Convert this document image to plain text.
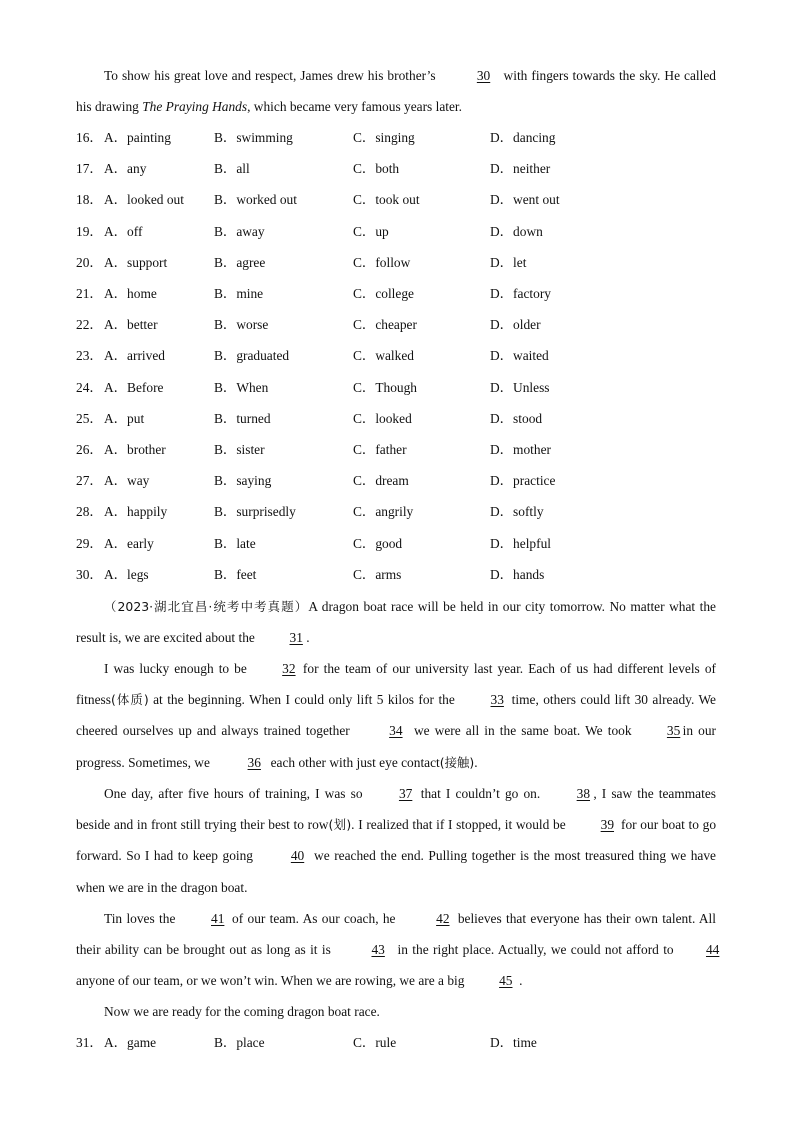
To show his great love and respect, James drew his brother’s	30 with fingers towards the sky. He called his drawing The Praying Hands, which became very famous years later.

16． A．painting	B．swimming	C．singing	D．dancing
17． A．any	B．all	C．both	D．neither
18． A．looked out B．worked out	C．took out	D．went out
19． A．off	B．away	C．up	D．down
20． A．support	B．agree	C．follow	D．let
21． A．home	B．mine	C．college	D．factory
22． A．better	B．worse	C．cheaper	D．older
23． A．arrived	B．graduated	C．walked	D．waited
24． A．Before	B．When	C．Though	D．Unless
25． A．put	B．turned	C．looked	D．stood
26． A．brother	B．sister	C．father	D．mother
27． A．way	B．saying	C．dream	D．practice
28． A．happily	B．surprisedly	C．angrily	D．softly
29． A．early	B．late	C．good	D．helpful
30． A．legs	B．feet	C．arms	D．hands

（2023·湖北宜昌·统考中考真题）A dragon boat race will be held in our city tomorrow. No matter what the result is, we are excited about the 31 .

I was lucky enough to be 32 for the team of our university last year. Each of us had different levels of fitness(体质) at the beginning. When I could only lift 5 kilos for the 33 time, others could lift 30 already. We cheered ourselves up and always trained together	34 we were all in the same boat. We took 35 in our progress. Sometimes, we	36 each other with just eye contact(接触).

One day, after five hours of training, I was so 37 that I couldn’t go on. 38 , I saw the teammates beside and in front still trying their best to row(划). I realized that if I stopped, it would be 39 for our boat to go forward. So I had to keep going 40 we reached the end. Pulling together is the most treasured thing we have when we are in the dragon boat.

Tin loves the 41 of our team. As our coach, he	42 believes that everyone has their own talent. All their ability can be brought out as long as it is	43 in the right place. Actually, we could not afford to 44 anyone of our team, or we won’t win. When we are rowing, we are a big 45 .

Now we are ready for the coming dragon boat race.

31． A．game	B．place	C．rule	D．time
